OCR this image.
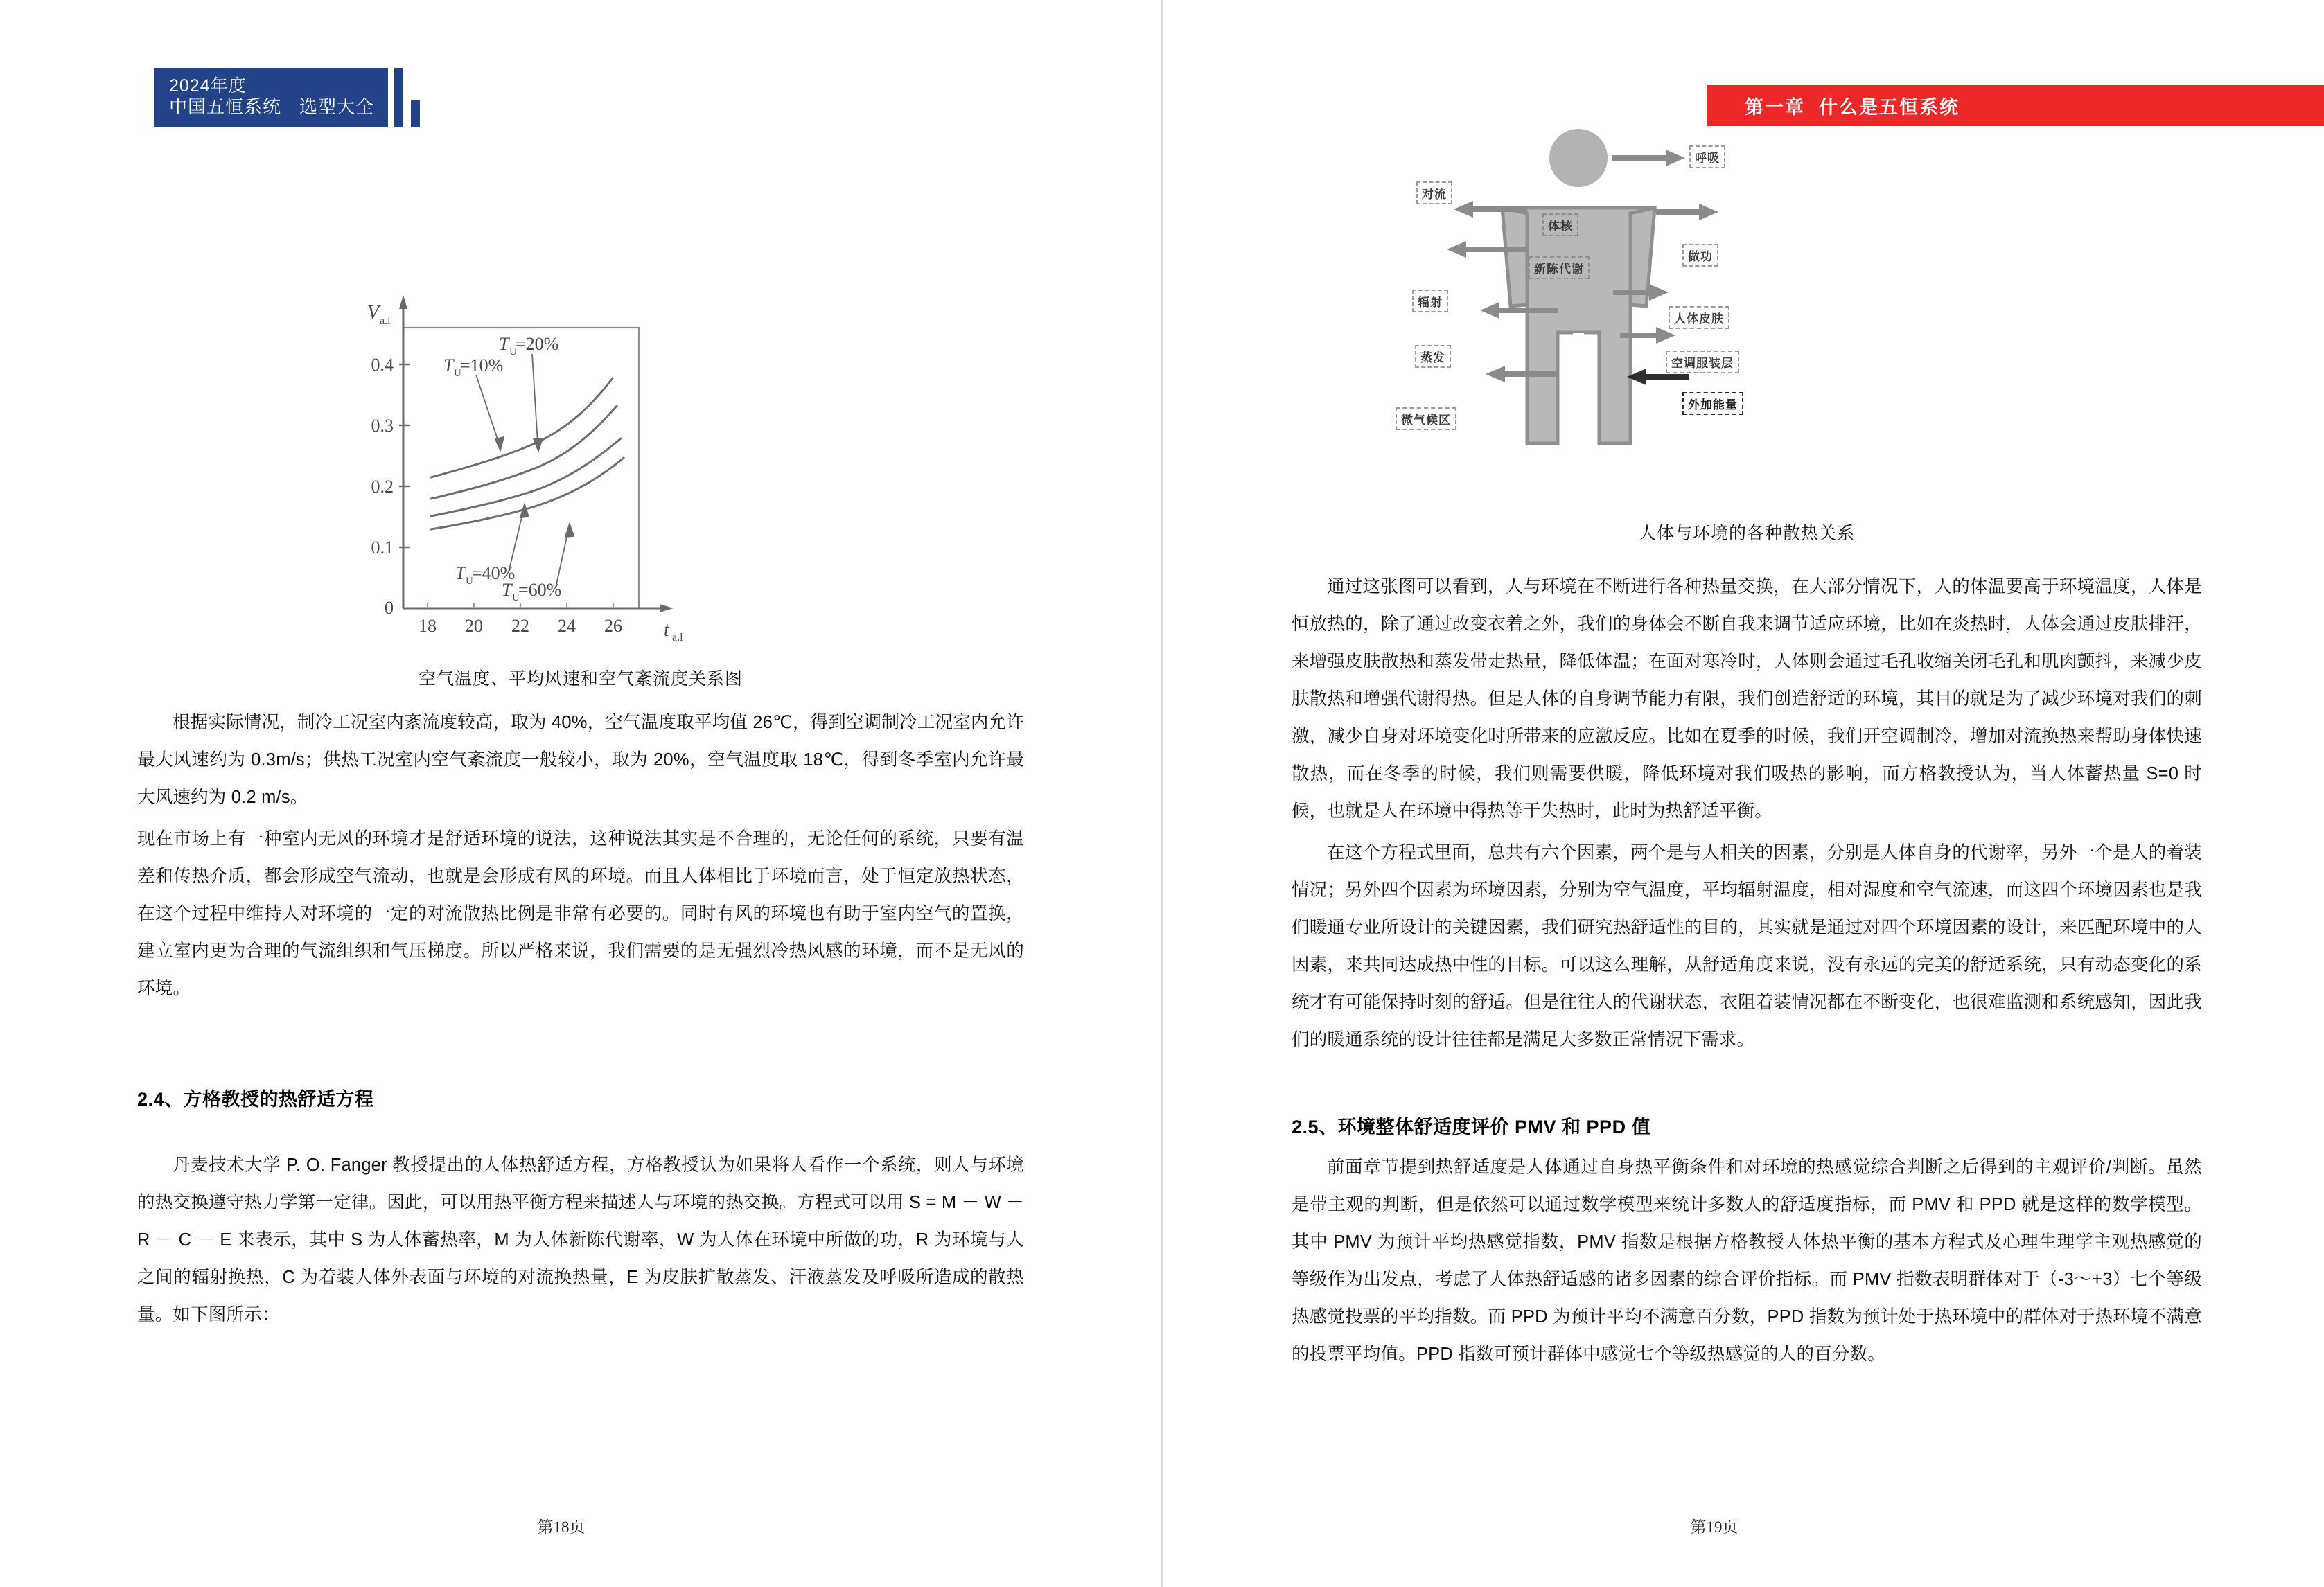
2024年度
中国五恒系统 选型大全
0
0.1
0.2
0.3
0.4
18 20 22 24 26
V a.l
t a.l
T U
=20%
T U
=10%
T U
=40%
T U
=60%

空气温度、平均风速和空气紊流度关系图

根据实际情况，制冷工况室内紊流度较高，取为 40%，空气温度取平均值 26℃，得到空调制冷工况室内允许最大风速约为 0.3m/s；供热工况室内空气紊流度一般较小，取为 20%，空气温度取 18℃，得到冬季室内允许最大风速约为 0.2 m/s。

现在市场上有一种室内无风的环境才是舒适环境的说法，这种说法其实是不合理的，无论任何的系统，只要有温差和传热介质，都会形成空气流动，也就是会形成有风的环境。而且人体相比于环境而言，处于恒定放热状态，在这个过程中维持人对环境的一定的对流散热比例是非常有必要的。同时有风的环境也有助于室内空气的置换，建立室内更为合理的气流组织和气压梯度。所以严格来说，我们需要的是无强烈冷热风感的环境，而不是无风的环境。

2.4、方格教授的热舒适方程

丹麦技术大学 P. O. Fanger 教授提出的人体热舒适方程，方格教授认为如果将人看作一个系统，则人与环境的热交换遵守热力学第一定律。因此，可以用热平衡方程来描述人与环境的热交换。方程式可以用 S = M － W － R － C － E 来表示，其中 S 为人体蓄热率，M 为人体新陈代谢率，W 为人体在环境中所做的功，R 为环境与人之间的辐射换热，C 为着装人体外表面与环境的对流换热量，E 为皮肤扩散蒸发、汗液蒸发及呼吸所造成的散热量。如下图所示：

第18页
第一章 什么是五恒系统
体核
新陈代谢
对流
辐射
蒸发
微气候区
呼吸
做功
人体皮肤
空调服装层
外加能量

人体与环境的各种散热关系

通过这张图可以看到，人与环境在不断进行各种热量交换，在大部分情况下，人的体温要高于环境温度，人体是恒放热的，除了通过改变衣着之外，我们的身体会不断自我来调节适应环境，比如在炎热时，人体会通过皮肤排汗，来增强皮肤散热和蒸发带走热量，降低体温；在面对寒冷时，人体则会通过毛孔收缩关闭毛孔和肌肉颤抖，来减少皮肤散热和增强代谢得热。但是人体的自身调节能力有限，我们创造舒适的环境，其目的就是为了减少环境对我们的刺激，减少自身对环境变化时所带来的应激反应。比如在夏季的时候，我们开空调制冷，增加对流换热来帮助身体快速散热，而在冬季的时候，我们则需要供暖，降低环境对我们吸热的影响，而方格教授认为，当人体蓄热量 S=0 时候，也就是人在环境中得热等于失热时，此时为热舒适平衡。

在这个方程式里面，总共有六个因素，两个是与人相关的因素，分别是人体自身的代谢率，另外一个是人的着装情况；另外四个因素为环境因素，分别为空气温度，平均辐射温度，相对湿度和空气流速，而这四个环境因素也是我们暖通专业所设计的关键因素，我们研究热舒适性的目的，其实就是通过对四个环境因素的设计，来匹配环境中的人因素，来共同达成热中性的目标。可以这么理解，从舒适角度来说，没有永远的完美的舒适系统，只有动态变化的系统才有可能保持时刻的舒适。但是往往人的代谢状态，衣阻着装情况都在不断变化，也很难监测和系统感知，因此我们的暖通系统的设计往往都是满足大多数正常情况下需求。

2.5、环境整体舒适度评价 PMV 和 PPD 值

前面章节提到热舒适度是人体通过自身热平衡条件和对环境的热感觉综合判断之后得到的主观评价/判断。虽然是带主观的判断，但是依然可以通过数学模型来统计多数人的舒适度指标，而 PMV 和 PPD 就是这样的数学模型。其中 PMV 为预计平均热感觉指数，PMV 指数是根据方格教授人体热平衡的基本方程式及心理生理学主观热感觉的等级作为出发点，考虑了人体热舒适感的诸多因素的综合评价指标。而 PMV 指数表明群体对于（-3～+3）七个等级热感觉投票的平均指数。而 PPD 为预计平均不满意百分数，PPD 指数为预计处于热环境中的群体对于热环境不满意的投票平均值。PPD 指数可预计群体中感觉七个等级热感觉的人的百分数。

第19页
